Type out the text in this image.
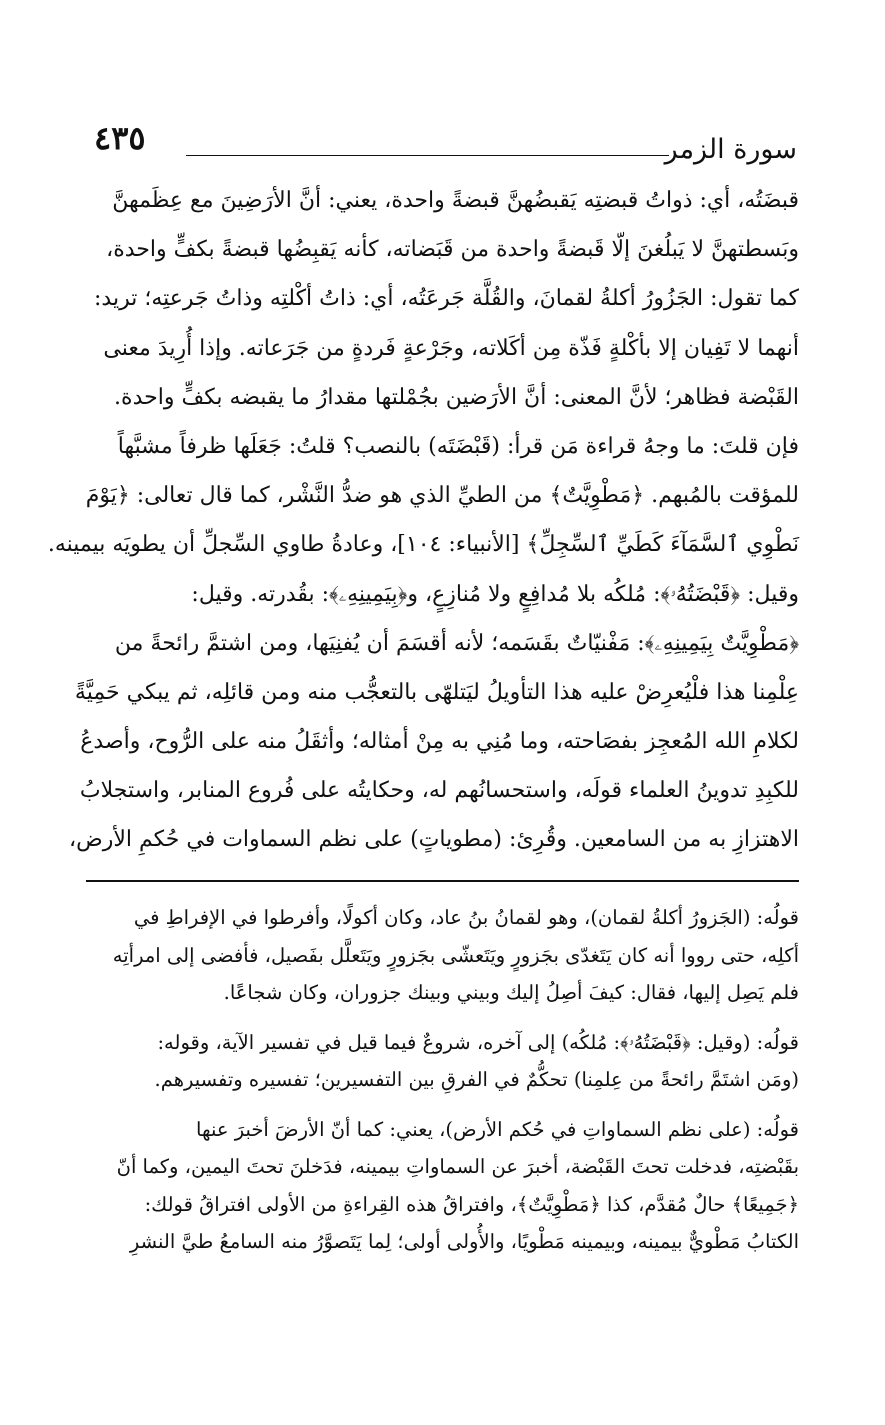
سورة الزمر
٤٣٥
قبضَتُه، أي: ذواتُ قبضتِه يَقبضُهنَّ قبضةً واحدة، يعني: أنَّ الأرَضِينَ مع عِظَمهنَّ
وبَسطتهنَّ لا يَبلُغنَ إلّا قَبضةً واحدة من قَبَضاته، كأنه يَقبِضُها قبضةً بكفٍّ واحدة،
كما تقول: الجَزُورُ أكلةُ لقمانَ، والقُلَّة جَرعَتُه، أي: ذاتُ أكْلتِه وذاتُ جَرعتِه؛ تريد:
أنهما لا تَفِيان إلا بأكْلةٍ فَذّة مِن أكَلاته، وجَرْعةٍ فَردةٍ من جَرَعاته. وإذا أُرِيدَ معنى
القَبْضة فظاهر؛ لأنَّ المعنى: أنَّ الأرَضين بجُمْلتها مقدارُ ما يقبضه بكفٍّ واحدة.
فإن قلتَ: ما وجهُ قراءة مَن قرأ: (قَبْضَتَه) بالنصب؟ قلتُ: جَعَلَها ظرفاً مشبَّهاً
للمؤقت بالمُبهم. ﴿مَطْوِيَّتٌ﴾ من الطيِّ الذي هو ضدُّ النَّشْر، كما قال تعالى: ﴿يَوْمَ
نَطْوِي ٱلسَّمَآءَ كَطَيِّ ٱلسِّجِلِّ﴾ [الأنبياء: ١٠٤]، وعادةُ طاوي السِّجلِّ أن يطويَه بيمينه.
وقيل: ﴿قَبْضَتُهُۥ﴾: مُلكُه بلا مُدافِعٍ ولا مُنازِعٍ، و﴿بِيَمِينِهِۦ﴾: بقُدرته. وقيل:
﴿مَطْوِيَّتٌ بِيَمِينِهِۦ﴾: مَفْنيّاتٌ بقَسَمه؛ لأنه أقسَمَ أن يُفنِيَها، ومن اشتمَّ رائحةً من
عِلْمِنا هذا فلْيُعرِضْ عليه هذا التأويلُ ليَتلهّى بالتعجُّب منه ومن قائلِه، ثم يبكي حَمِيَّةً
لكلامِ الله المُعجِز بفصَاحته، وما مُنِي به مِنْ أمثاله؛ وأثقَلُ منه على الرُّوح، وأصدعُ
للكبِدِ تدوينُ العلماء قولَه، واستحسانُهم له، وحكايتُه على فُروع المنابر، واستجلابُ
الاهتزازِ به من السامعين. وقُرِئ: (مطوياتٍ) على نظم السماوات في حُكمِ الأرض،
قولُه: (الجَزورُ أكلةُ لقمان)، وهو لقمانُ بنُ عاد، وكان أكولًا، وأفرطوا في الإفراطِ في
أكلِه، حتى رووا أنه كان يَتَغدّى بجَزورٍ ويَتَعشّى بجَزورٍ ويَتَعلَّل بفَصيل، فأفضى إلى امرأتِه
فلم يَصِل إليها، فقال: كيفَ أصِلُ إليك وبيني وبينك جزوران، وكان شجاعًا.
قولُه: (وقيل: ﴿قَبْضَتُهُۥ﴾: مُلكُه) إلى آخره، شروعٌ فيما قيل في تفسير الآية، وقوله:
(ومَن اشتَمَّ رائحةً من عِلمِنا) تحكُّمٌ في الفرقِ بين التفسيرين؛ تفسيره وتفسيرهم.
قولُه: (على نظم السماواتِ في حُكم الأرض)، يعني: كما أنّ الأرضَ أخبرَ عنها
بقَبْضتِه، فدخلت تحتَ القَبْضة، أخبرَ عن السماواتِ بيمينه، فدَخلنَ تحتَ اليمين، وكما أنّ
﴿جَمِيعًا﴾ حالٌ مُقدَّم، كذا ﴿مَطْوِيَّتٌ﴾، وافتراقُ هذه القِراءةِ من الأولى افتراقُ قولك:
الكتابُ مَطْويٌّ بيمينه، وبيمينه مَطْويًا، والأُولى أولى؛ لِما يَتَصوَّرُ منه السامعُ طيَّ النشرِ
